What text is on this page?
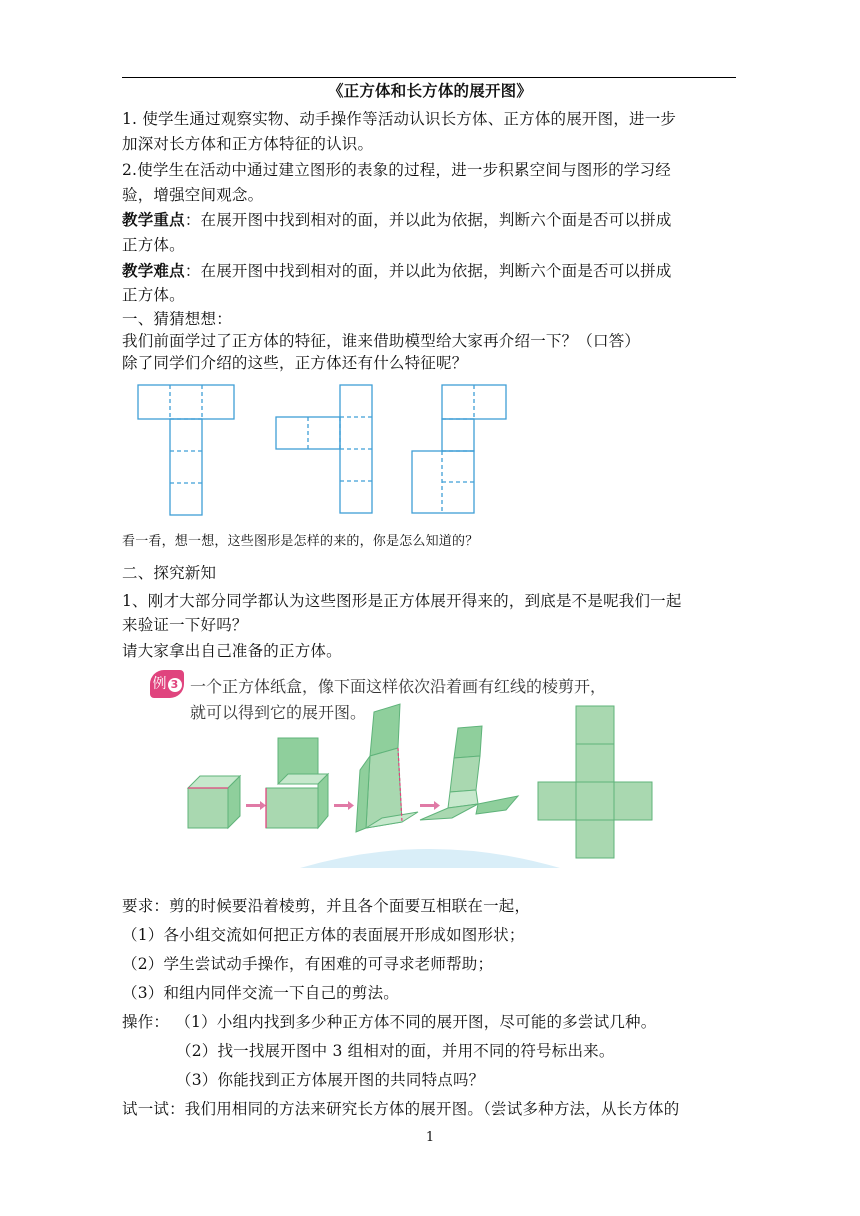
《正方体和长方体的展开图》
1. 使学生通过观察实物、动手操作等活动认识长方体、正方体的展开图，进一步
加深对长方体和正方体特征的认识。
2.使学生在活动中通过建立图形的表象的过程，进一步积累空间与图形的学习经
验，增强空间观念。
教学重点：在展开图中找到相对的面，并以此为依据，判断六个面是否可以拼成
正方体。
教学难点：在展开图中找到相对的面，并以此为依据，判断六个面是否可以拼成
正方体。
一、猜猜想想：
我们前面学过了正方体的特征，谁来借助模型给大家再介绍一下？（口答）
除了同学们介绍的这些，正方体还有什么特征呢？
看一看，想一想，这些图形是怎样的来的，你是怎么知道的？
二、探究新知
1、刚才大部分同学都认为这些图形是正方体展开得来的，到底是不是呢我们一起
来验证一下好吗？
请大家拿出自己准备的正方体。
例 3 一个正方体纸盒，像下面这样依次沿着画有红线的棱剪开，
就可以得到它的展开图。
要求：剪的时候要沿着棱剪，并且各个面要互相联在一起，
（1）各小组交流如何把正方体的表面展开形成如图形状；
（2）学生尝试动手操作，有困难的可寻求老师帮助；
（3）和组内同伴交流一下自己的剪法。
操作： （1）小组内找到多少种正方体不同的展开图，尽可能的多尝试几种。
（2）找一找展开图中 3 组相对的面，并用不同的符号标出来。
（3）你能找到正方体展开图的共同特点吗？
试一试：我们用相同的方法来研究长方体的展开图。（尝试多种方法，从长方体的
1
